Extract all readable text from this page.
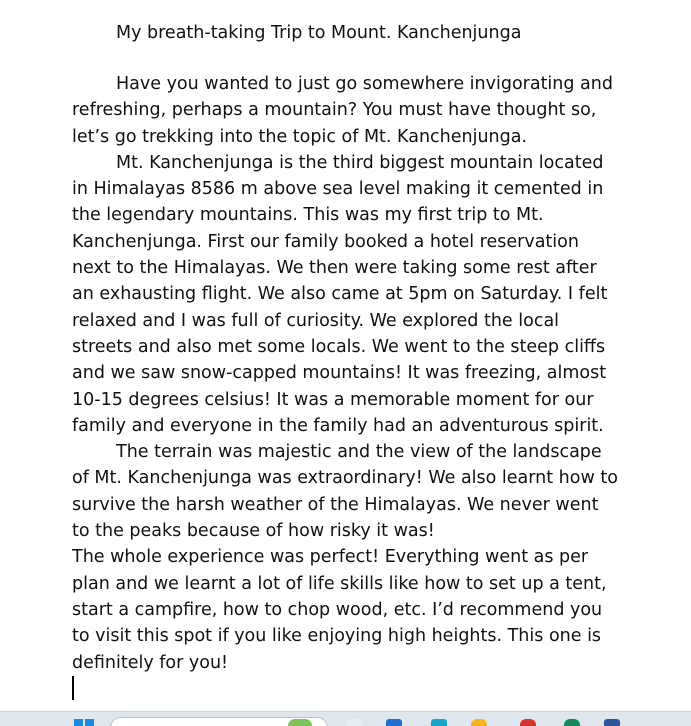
My breath-taking Trip to Mount. Kanchenjunga

Have you wanted to just go somewhere invigorating and refreshing, perhaps a mountain? You must have thought so, let’s go trekking into the topic of Mt. Kanchenjunga.

Mt. Kanchenjunga is the third biggest mountain located in Himalayas 8586 m above sea level making it cemented in the legendary mountains. This was my first trip to Mt. Kanchenjunga. First our family booked a hotel reservation next to the Himalayas. We then were taking some rest after an exhausting flight. We also came at 5pm on Saturday. I felt relaxed and I was full of curiosity. We explored the local streets and also met some locals. We went to the steep cliffs and we saw snow-capped mountains! It was freezing, almost 10-15 degrees celsius! It was a memorable moment for our family and everyone in the family had an adventurous spirit.

The terrain was majestic and the view of the landscape of Mt. Kanchenjunga was extraordinary! We also learnt how to survive the harsh weather of the Himalayas. We never went to the peaks because of how risky it was!

The whole experience was perfect! Everything went as per plan and we learnt a lot of life skills like how to set up a tent, start a campfire, how to chop wood, etc. I’d recommend you to visit this spot if you like enjoying high heights. This one is definitely for you!
